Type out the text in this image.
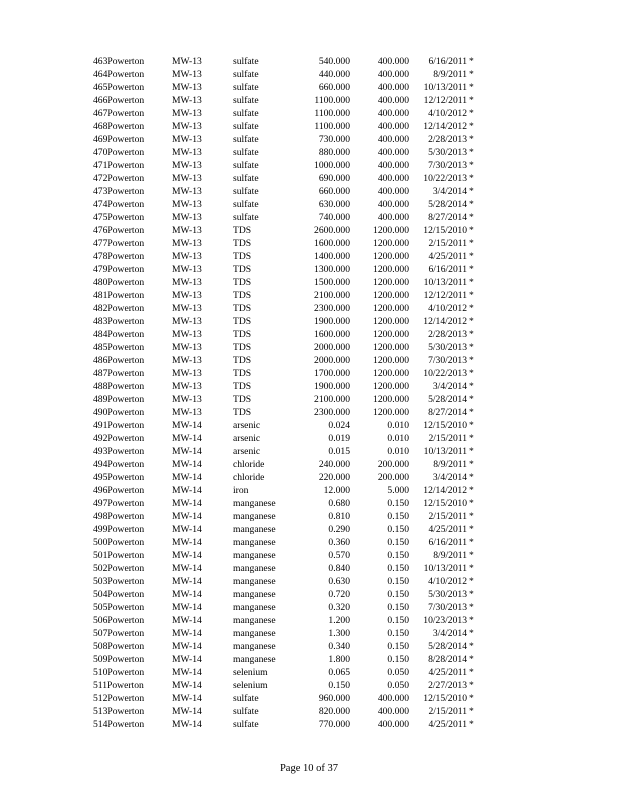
463Powerton	MW-13	sulfate	540.000	400.000 6/16/2011 *
464Powerton	MW-13	sulfate	440.000	400.000	8/9/2011 *
465Powerton	MW-13	sulfate	660.000	400.000 10/13/2011 *
466Powerton	MW-13	sulfate	1100.000	400.000 12/12/2011 *
467Powerton	MW-13	sulfate	1100.000	400.000 4/10/2012 *
468Powerton	MW-13	sulfate	1100.000	400.000 12/14/2012 *
469Powerton	MW-13	sulfate	730.000	400.000 2/28/2013 *
470Powerton	MW-13	sulfate	880.000	400.000 5/30/2013 *
471Powerton	MW-13	sulfate	1000.000	400.000 7/30/2013 *
472Powerton	MW-13	sulfate	690.000	400.000 10/22/2013 *
473Powerton	MW-13	sulfate	660.000	400.000 3/4/2014 *
474Powerton	MW-13	sulfate	630.000	400.000 5/28/2014 *
475Powerton	MW-13	sulfate	740.000	400.000 8/27/2014 *
476Powerton	MW-13	TDS	2600.000 1200.000 12/15/2010 *
477Powerton	MW-13	TDS	1600.000 1200.000 2/15/2011 *
478Powerton	MW-13	TDS	1400.000 1200.000 4/25/2011 *
479Powerton	MW-13	TDS	1300.000 1200.000 6/16/2011 *
480Powerton	MW-13	TDS	1500.000 1200.000 10/13/2011 *
481Powerton	MW-13	TDS	2100.000 1200.000 12/12/2011 *
482Powerton	MW-13	TDS	2300.000 1200.000 4/10/2012 *
483Powerton	MW-13	TDS	1900.000 1200.000 12/14/2012 *
484Powerton	MW-13	TDS	1600.000 1200.000 2/28/2013 *
485Powerton	MW-13	TDS	2000.000 1200.000 5/30/2013 *
486Powerton	MW-13	TDS	2000.000 1200.000 7/30/2013 *
487Powerton	MW-13	TDS	1700.000 1200.000 10/22/2013 *
488Powerton	MW-13	TDS	1900.000 1200.000 3/4/2014 *
489Powerton	MW-13	TDS	2100.000 1200.000 5/28/2014 *
490Powerton	MW-13	TDS	2300.000 1200.000 8/27/2014 *
491Powerton	MW-14	arsenic	0.024	0.010 12/15/2010 *
492Powerton	MW-14	arsenic	0.019	0.010 2/15/2011 *
493Powerton	MW-14	arsenic	0.015	0.010 10/13/2011 *
494Powerton	MW-14	chloride	240.000	200.000	8/9/2011 *
495Powerton	MW-14	chloride	220.000	200.000 3/4/2014 *
496Powerton	MW-14	iron	12.000	5.000 12/14/2012 *
497Powerton	MW-14	manganese	0.680	0.150 12/15/2010 *
498Powerton	MW-14	manganese	0.810	0.150 2/15/2011 *
499Powerton	MW-14	manganese	0.290	0.150 4/25/2011 *
500Powerton	MW-14	manganese	0.360	0.150 6/16/2011 *
501Powerton	MW-14	manganese	0.570	0.150	8/9/2011 *
502Powerton	MW-14	manganese	0.840	0.150 10/13/2011 *
503Powerton	MW-14	manganese	0.630	0.150 4/10/2012 *
504Powerton	MW-14	manganese	0.720	0.150 5/30/2013 *
505Powerton	MW-14	manganese	0.320	0.150 7/30/2013 *
506Powerton	MW-14	manganese	1.200	0.150 10/23/2013 *
507Powerton	MW-14	manganese	1.300	0.150 3/4/2014 *
508Powerton	MW-14	manganese	0.340	0.150 5/28/2014 *
509Powerton	MW-14	manganese	1.800	0.150 8/28/2014 *
510Powerton	MW-14	selenium	0.065	0.050 4/25/2011 *
511Powerton	MW-14	selenium	0.150	0.050 2/27/2013 *
512Powerton	MW-14	sulfate	960.000	400.000 12/15/2010 *
513Powerton	MW-14	sulfate	820.000	400.000 2/15/2011 *
514Powerton	MW-14	sulfate	770.000	400.000 4/25/2011 *
Page 10 of 37
